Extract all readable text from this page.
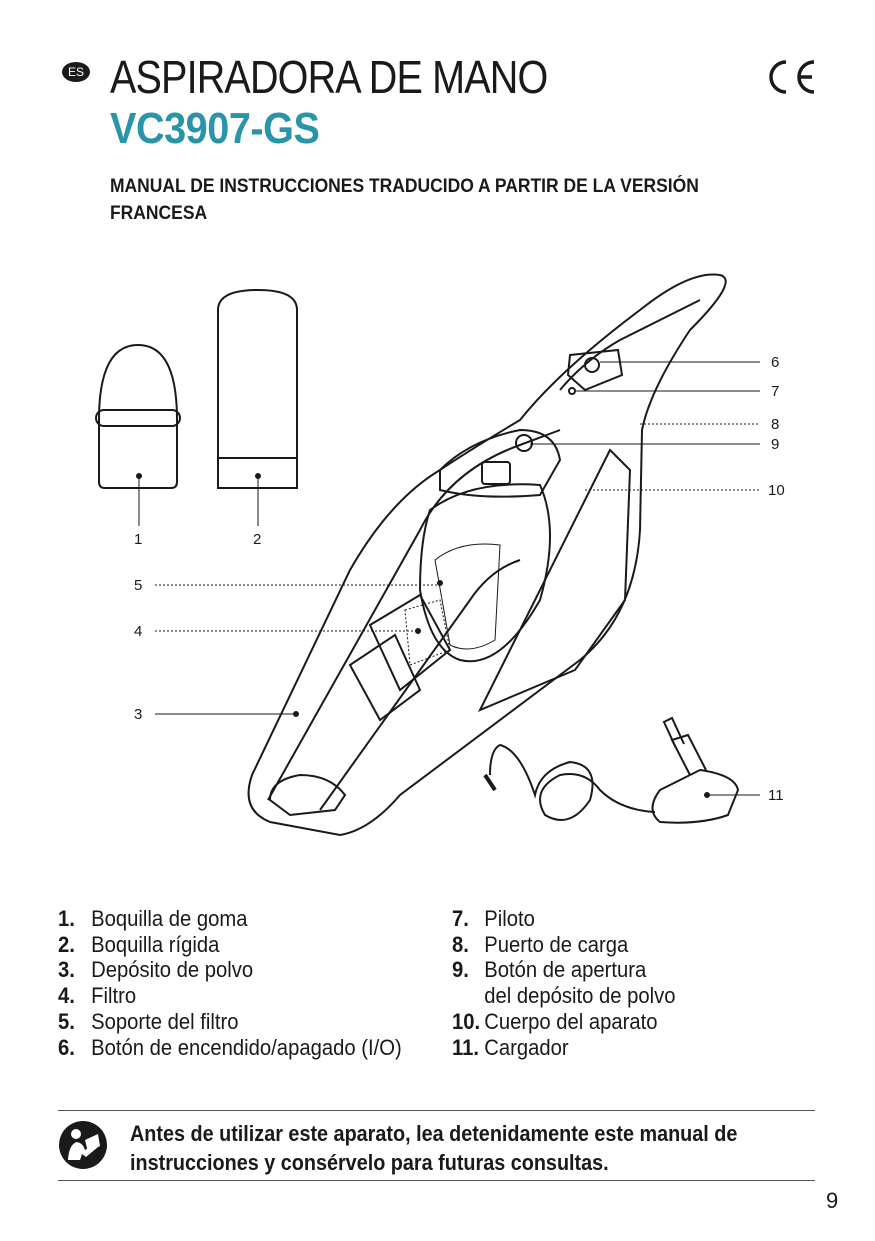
ES ASPIRADORA DE MANO
VC3907-GS

MANUAL DE INSTRUCCIONES TRADUCIDO A PARTIR DE LA VERSIÓN FRANCESA

1	2
3
4
5
6
7
8
9
10
11
1. Boquilla de goma
2. Boquilla rígida
3. Depósito de polvo
4. Filtro
5. Soporte del filtro
6. Botón de encendido/apagado (I/O)
7. Piloto
8. Puerto de carga
9. Botón de apertura
del depósito de polvo
10. Cuerpo del aparato
11. Cargador

Antes de utilizar este aparato, lea detenidamente este manual de instrucciones y consérvelo para futuras consultas.

9
